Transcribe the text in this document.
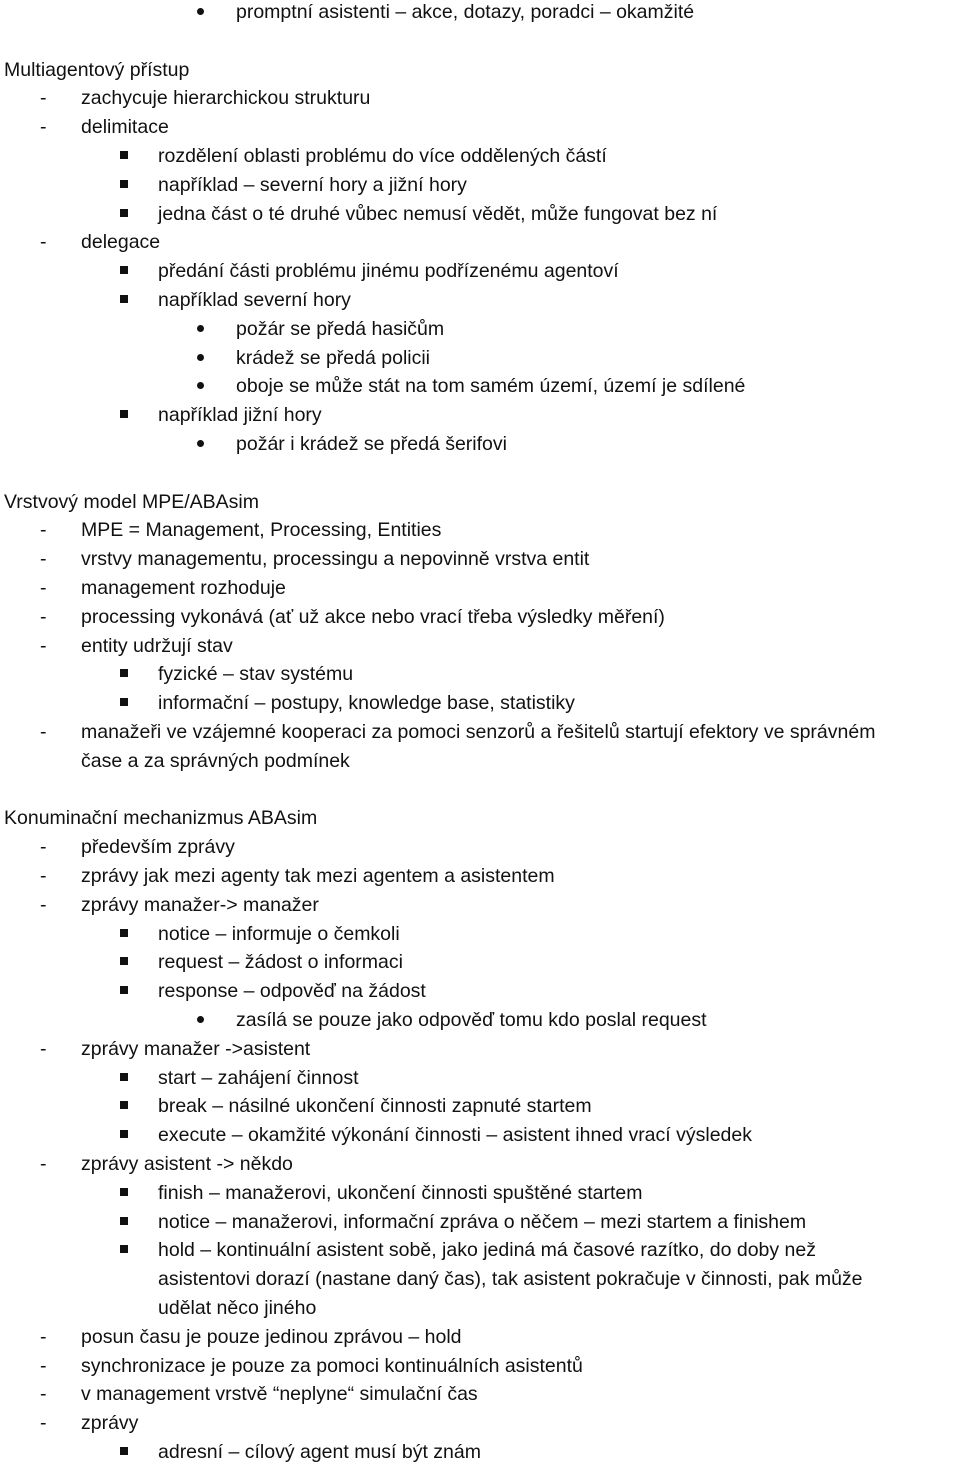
promptní asistenti – akce, dotazy, poradci – okamžité
Multiagentový přístup
- zachycuje hierarchickou strukturu
- delimitace
rozdělení oblasti problému do více oddělených částí
například – severní hory a jižní hory
jedna část o té druhé vůbec nemusí vědět, může fungovat bez ní
- delegace
předání části problému jinému podřízenému agentoví
například severní hory
požár se předá hasičům
krádež se předá policii
oboje se může stát na tom samém území, území je sdílené
například jižní hory
požár i krádež se předá šerifovi
Vrstvový model MPE/ABAsim
- MPE = Management, Processing, Entities
- vrstvy managementu, processingu a nepovinně vrstva entit
- management rozhoduje
- processing vykonává (ať už akce nebo vrací třeba výsledky měření)
- entity udržují stav
fyzické – stav systému
informační – postupy, knowledge base, statistiky
- manažeři ve vzájemné kooperaci za pomoci senzorů a řešitelů startují efektory ve správném
čase a za správných podmínek
Konuminační mechanizmus ABAsim
- především zprávy
- zprávy jak mezi agenty tak mezi agentem a asistentem
- zprávy manažer-> manažer
notice – informuje o čemkoli
request – žádost o informaci
response – odpověď na žádost
zasílá se pouze jako odpověď tomu kdo poslal request
- zprávy manažer ->asistent
start – zahájení činnost
break – násilné ukončení činnosti zapnuté startem
execute – okamžité výkonání činnosti – asistent ihned vrací výsledek
- zprávy asistent -> někdo
finish – manažerovi, ukončení činnosti spuštěné startem
notice – manažerovi, informační zpráva o něčem – mezi startem a finishem
hold – kontinuální asistent sobě, jako jediná má časové razítko, do doby než
asistentovi dorazí (nastane daný čas), tak asistent pokračuje v činnosti, pak může
udělat něco jiného
- posun času je pouze jedinou zprávou – hold
- synchronizace je pouze za pomoci kontinuálních asistentů
- v management vrstvě “neplyne“ simulační čas
- zprávy
adresní – cílový agent musí být znám
